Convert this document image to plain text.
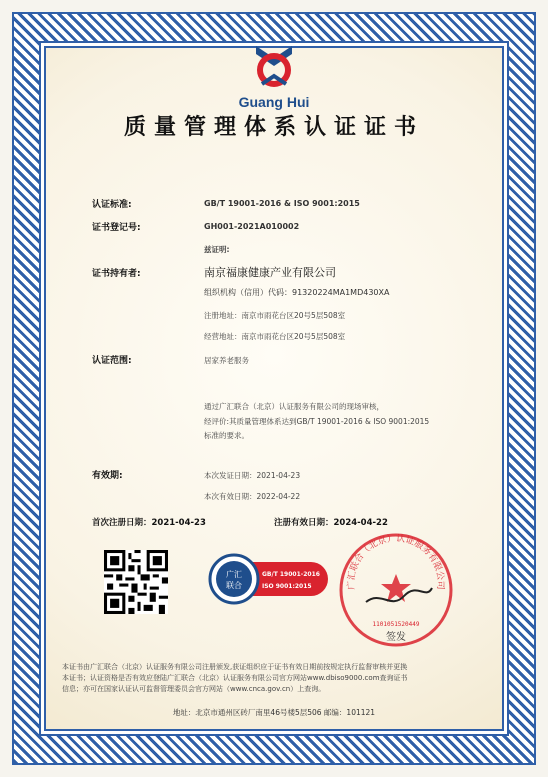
Guang Hui
质量管理体系认证证书
认证标准:	GB/T 19001-2016 & ISO 9001:2015
证书登记号:	GH001-2021A010002
兹证明:
证书持有者:	南京福康健康产业有限公司
组织机构（信用）代码：91320224MA1MD430XA
注册地址：南京市雨花台区20号5层508室
经营地址：南京市雨花台区20号5层508室
认证范围:	居家养老服务
通过广汇联合（北京）认证服务有限公司的现场审核，
经评价:其质量管理体系达到GB/T 19001-2016 & ISO 9001:2015
标准的要求。
有效期:	本次发证日期：2021-04-23
本次有效日期：2022-04-22
首次注册日期：2021-04-23	注册有效日期：2024-04-22
广汇
联合
GB/T 19001-2016
ISO 9001:2015	广汇联合（北京）认证服务有限公司
1101051520449
签发
本证书由广汇联合（北京）认证服务有限公司注册颁发,获证组织应于证书有效日期前按规定执行监督审核并更换
本证书；认证资格是否有效应登陆广汇联合（北京）认证服务有限公司官方网站www.dbiso9000.com查询证书
信息；亦可在国家认证认可监督管理委员会官方网站（www.cnca.gov.cn）上查询。
地址：北京市通州区砖厂南里46号楼5层506 邮编：101121
